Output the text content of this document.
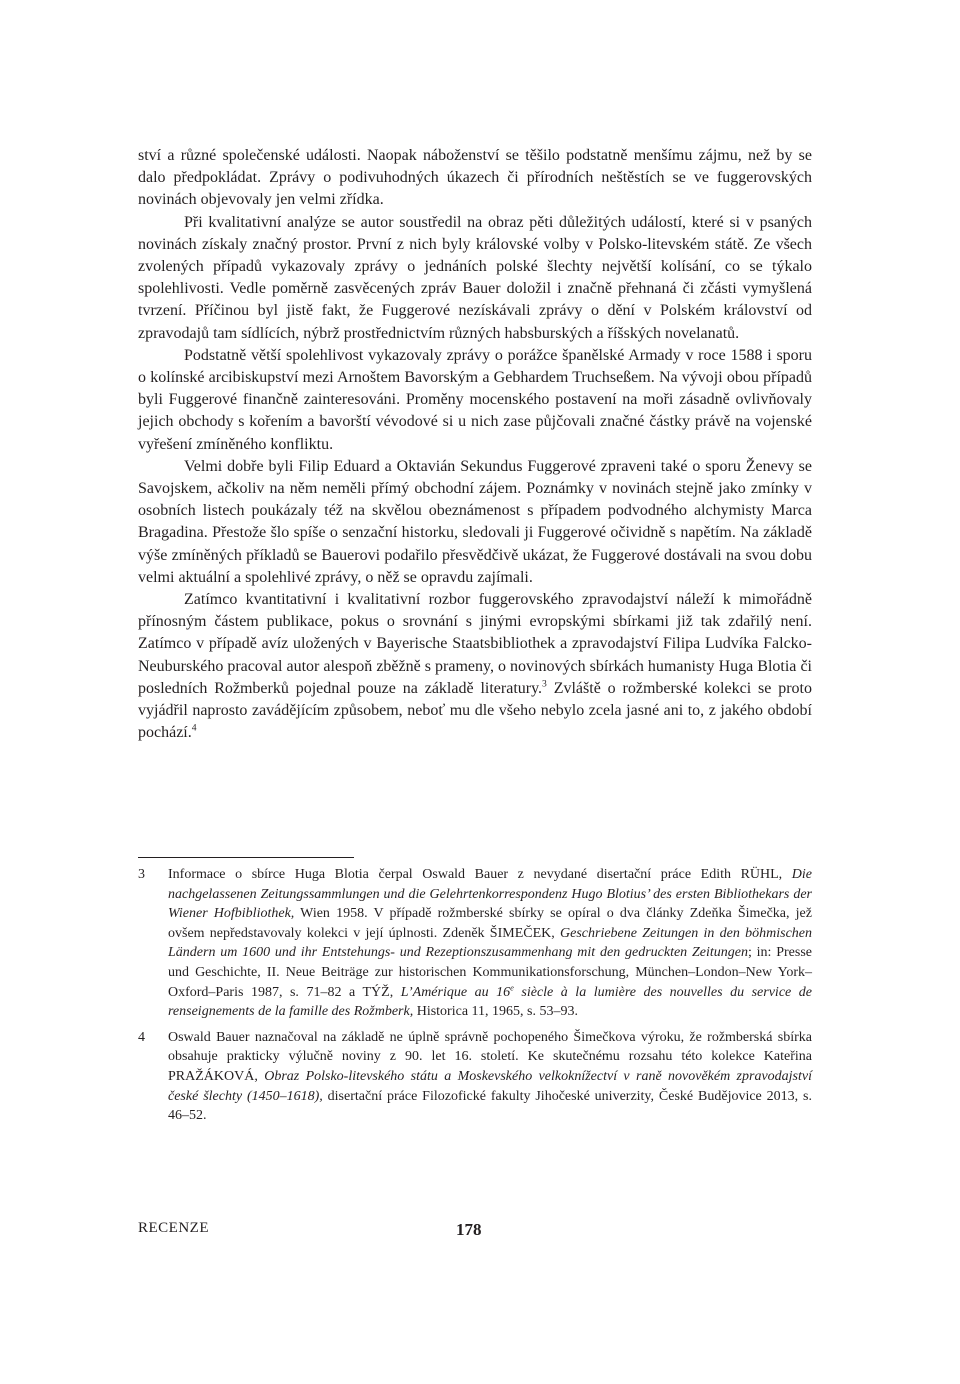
ství a různé společenské události. Naopak náboženství se těšilo podstatně menšímu zájmu, než by se dalo předpokládat. Zprávy o podivuhodných úkazech či přírodních neštěstích se ve fuggerovských novinách objevovaly jen velmi zřídka.

Při kvalitativní analýze se autor soustředil na obraz pěti důležitých událostí, které si v psaných novinách získaly značný prostor. První z nich byly královské volby v Polsko-litevském státě. Ze všech zvolených případů vykazovaly zprávy o jednáních polské šlechty největší kolísání, co se týkalo spolehlivosti. Vedle poměrně zasvěcených zpráv Bauer doložil i značně přehnaná či zčásti vymyšlená tvrzení. Příčinou byl jistě fakt, že Fuggerové nezískávali zprávy o dění v Polském království od zpravodajů tam sídlících, nýbrž prostřednictvím různých habsburských a říšských novelanatů.

Podstatně větší spolehlivost vykazovaly zprávy o porážce španělské Armady v roce 1588 i sporu o kolínské arcibiskupství mezi Arnoštem Bavorským a Gebhardem Truchseßem. Na vývoji obou případů byli Fuggerové finančně zainteresováni. Proměny mocenského postavení na moři zásadně ovlivňovaly jejich obchody s kořením a bavorští vévodové si u nich zase půjčovali značné částky právě na vojenské vyřešení zmíněného konfliktu.

Velmi dobře byli Filip Eduard a Oktavián Sekundus Fuggerové zpraveni také o sporu Ženevy se Savojskem, ačkoliv na něm neměli přímý obchodní zájem. Poznámky v novinách stejně jako zmínky v osobních listech poukázaly též na skvělou obeznámenost s případem podvodného alchymisty Marca Bragadina. Přestože šlo spíše o senzační historku, sledovali ji Fuggerové očividně s napětím. Na základě výše zmíněných příkladů se Bauerovi podařilo přesvědčivě ukázat, že Fuggerové dostávali na svou dobu velmi aktuální a spolehlivé zprávy, o něž se opravdu zajímali.

Zatímco kvantitativní i kvalitativní rozbor fuggerovského zpravodajství náleží k mimořádně přínosným částem publikace, pokus o srovnání s jinými evropskými sbírkami již tak zdařilý není. Zatímco v případě avíz uložených v Bayerische Staatsbibliothek a zpravodajství Filipa Ludvíka Falcko-Neuburského pracoval autor alespoň zběžně s prameny, o novinových sbírkách humanisty Huga Blotia či posledních Rožmberků pojednal pouze na základě literatury.$^3$ Zvláště o rožmberské kolekci se proto vyjádřil naprosto zavádějícím způsobem, neboť mu dle všeho nebylo zcela jasné ani to, z jakého období pochází.$^4$

3 Informace o sbírce Huga Blotia čerpal Oswald Bauer z nevydané disertační práce Edith RÜHL, Die nachgelassenen Zeitungssammlungen und die Gelehrtenkorrespondenz Hugo Blotius’ des ersten Bibliothekars der Wiener Hofbibliothek, Wien 1958. V případě rožmberské sbírky se opíral o dva články Zdeňka Šimečka, jež ovšem nepředstavovaly kolekci v její úplnosti. Zdeněk ŠIMEČEK, Geschriebene Zeitungen in den böhmischen Ländern um 1600 und ihr Entstehungs- und Rezeptionszusammenhang mit den gedruckten Zeitungen; in: Presse und Geschichte, II. Neue Beiträge zur historischen Kommunikationsforschung, München–London–New York–Oxford–Paris 1987, s. 71–82 a TÝŽ, L’Amérique au 16e siècle à la lumière des nouvelles du service de renseignements de la famille des Rožmberk, Historica 11, 1965, s. 53–93.
4 Oswald Bauer naznačoval na základě ne úplně správně pochopeného Šimečkova výroku, že rožmberská sbírka obsahuje prakticky výlučně noviny z 90. let 16. století. Ke skutečnému rozsahu této kolekce Kateřina PRAŽÁKOVÁ, Obraz Polsko-litevského státu a Moskevského velkoknížectví v raně novověkém zpravodajství české šlechty (1450–1618), disertační práce Filozofické fakulty Jihočeské univerzity, České Budějovice 2013, s. 46–52.
RECENZE	178
